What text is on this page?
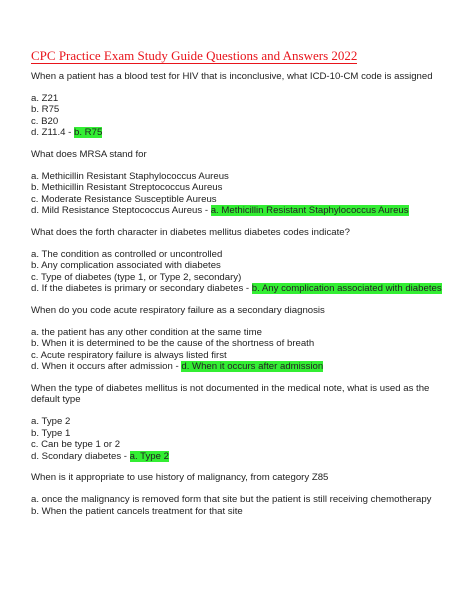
CPC Practice Exam Study Guide Questions and Answers 2022

When a patient has a blood test for HIV that is inconclusive, what ICD-10-CM code is assigned

a. Z21

b. R75

c. B20

d. Z11.4 - b. R75

What does MRSA stand for

a. Methicillin Resistant Staphylococcus Aureus

b. Methicillin Resistant Streptococcus Aureus

c. Moderate Resistance Susceptible Aureus

d. Mild Resistance Steptococcus Aureus - a. Methicillin Resistant Staphylococcus Aureus

What does the forth character in diabetes mellitus diabetes codes indicate?

a. The condition as controlled or uncontrolled

b. Any complication associated with diabetes

c. Type of diabetes (type 1, or Type 2, secondary)

d. If the diabetes is primary or secondary diabetes - b. Any complication associated with diabetes

When do you code acute respiratory failure as a secondary diagnosis

a. the patient has any other condition at the same time

b. When it is determined to be the cause of the shortness of breath

c. Acute respiratory failure is always listed first

d. When it occurs after admission - d. When it occurs after admission

When the type of diabetes mellitus is not documented in the medical note, what is used as the default type

a. Type 2

b. Type 1

c. Can be type 1 or 2

d. Scondary diabetes - a. Type 2

When is it appropriate to use history of malignancy, from category Z85

a. once the malignancy is removed form that site but the patient is still receiving chemotherapy

b. When the patient cancels treatment for that site
